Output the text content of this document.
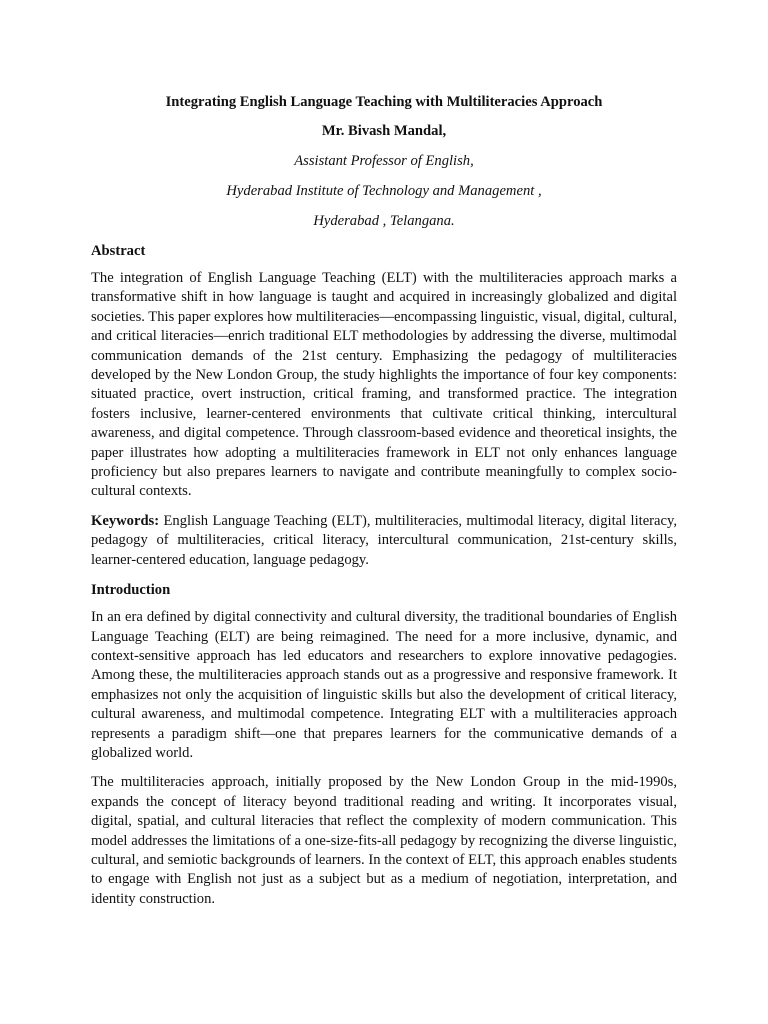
Integrating English Language Teaching with Multiliteracies Approach

Mr. Bivash Mandal,

Assistant Professor of English,

Hyderabad Institute of Technology and Management ,

Hyderabad , Telangana.

Abstract

The integration of English Language Teaching (ELT) with the multiliteracies approach marks a transformative shift in how language is taught and acquired in increasingly globalized and digital societies. This paper explores how multiliteracies—encompassing linguistic, visual, digital, cultural, and critical literacies—enrich traditional ELT methodologies by addressing the diverse, multimodal communication demands of the 21st century. Emphasizing the pedagogy of multiliteracies developed by the New London Group, the study highlights the importance of four key components: situated practice, overt instruction, critical framing, and transformed practice. The integration fosters inclusive, learner-centered environments that cultivate critical thinking, intercultural awareness, and digital competence. Through classroom-based evidence and theoretical insights, the paper illustrates how adopting a multiliteracies framework in ELT not only enhances language proficiency but also prepares learners to navigate and contribute meaningfully to complex socio-cultural contexts.

Keywords: English Language Teaching (ELT), multiliteracies, multimodal literacy, digital literacy, pedagogy of multiliteracies, critical literacy, intercultural communication, 21st-century skills, learner-centered education, language pedagogy.

Introduction

In an era defined by digital connectivity and cultural diversity, the traditional boundaries of English Language Teaching (ELT) are being reimagined. The need for a more inclusive, dynamic, and context-sensitive approach has led educators and researchers to explore innovative pedagogies. Among these, the multiliteracies approach stands out as a progressive and responsive framework. It emphasizes not only the acquisition of linguistic skills but also the development of critical literacy, cultural awareness, and multimodal competence. Integrating ELT with a multiliteracies approach represents a paradigm shift—one that prepares learners for the communicative demands of a globalized world.

The multiliteracies approach, initially proposed by the New London Group in the mid-1990s, expands the concept of literacy beyond traditional reading and writing. It incorporates visual, digital, spatial, and cultural literacies that reflect the complexity of modern communication. This model addresses the limitations of a one-size-fits-all pedagogy by recognizing the diverse linguistic, cultural, and semiotic backgrounds of learners. In the context of ELT, this approach enables students to engage with English not just as a subject but as a medium of negotiation, interpretation, and identity construction.
